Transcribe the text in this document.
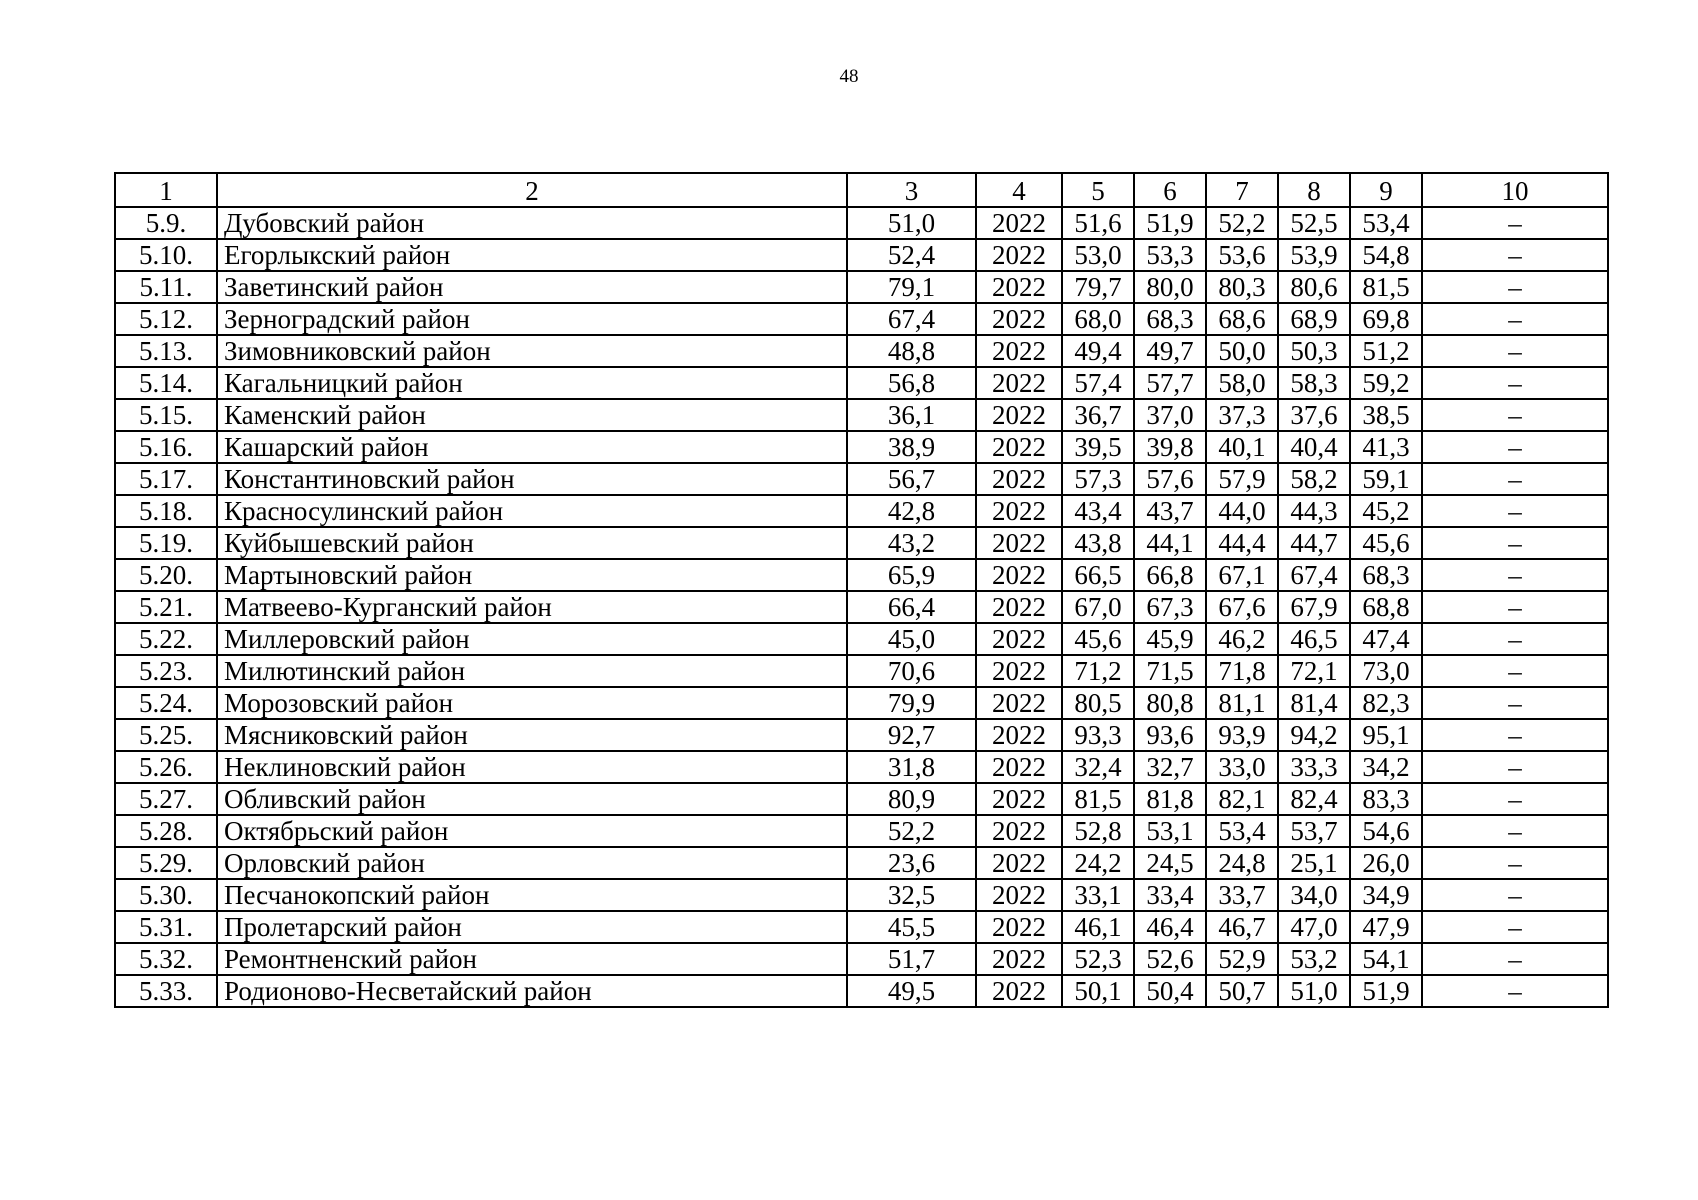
48
1	2	3	4	5	6	7	8	9	10
5.9.	Дубовский район	51,0	2022	51,6	51,9	52,2	52,5	53,4	–
5.10.	Егорлыкский район	52,4	2022	53,0	53,3	53,6	53,9	54,8	–
5.11.	Заветинский район	79,1	2022	79,7	80,0	80,3	80,6	81,5	–
5.12.	Зерноградский район	67,4	2022	68,0	68,3	68,6	68,9	69,8	–
5.13.	Зимовниковский район	48,8	2022	49,4	49,7	50,0	50,3	51,2	–
5.14.	Кагальницкий район	56,8	2022	57,4	57,7	58,0	58,3	59,2	–
5.15.	Каменский район	36,1	2022	36,7	37,0	37,3	37,6	38,5	–
5.16.	Кашарский район	38,9	2022	39,5	39,8	40,1	40,4	41,3	–
5.17.	Константиновский район	56,7	2022	57,3	57,6	57,9	58,2	59,1	–
5.18.	Красносулинский район	42,8	2022	43,4	43,7	44,0	44,3	45,2	–
5.19.	Куйбышевский район	43,2	2022	43,8	44,1	44,4	44,7	45,6	–
5.20.	Мартыновский район	65,9	2022	66,5	66,8	67,1	67,4	68,3	–
5.21.	Матвеево-Курганский район	66,4	2022	67,0	67,3	67,6	67,9	68,8	–
5.22.	Миллеровский район	45,0	2022	45,6	45,9	46,2	46,5	47,4	–
5.23.	Милютинский район	70,6	2022	71,2	71,5	71,8	72,1	73,0	–
5.24.	Морозовский район	79,9	2022	80,5	80,8	81,1	81,4	82,3	–
5.25.	Мясниковский район	92,7	2022	93,3	93,6	93,9	94,2	95,1	–
5.26.	Неклиновский район	31,8	2022	32,4	32,7	33,0	33,3	34,2	–
5.27.	Обливский район	80,9	2022	81,5	81,8	82,1	82,4	83,3	–
5.28.	Октябрьский район	52,2	2022	52,8	53,1	53,4	53,7	54,6	–
5.29.	Орловский район	23,6	2022	24,2	24,5	24,8	25,1	26,0	–
5.30.	Песчанокопский район	32,5	2022	33,1	33,4	33,7	34,0	34,9	–
5.31.	Пролетарский район	45,5	2022	46,1	46,4	46,7	47,0	47,9	–
5.32.	Ремонтненский район	51,7	2022	52,3	52,6	52,9	53,2	54,1	–
5.33.	Родионово-Несветайский район	49,5	2022	50,1	50,4	50,7	51,0	51,9	–
